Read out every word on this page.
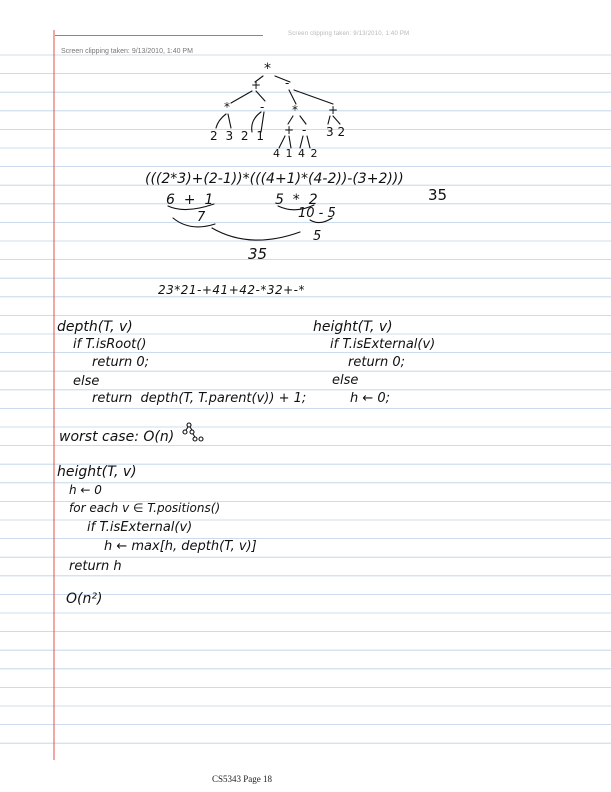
Screen clipping taken: 9/13/2010, 1:40 PM
Screen clipping taken: 9/13/2010, 1:40 PM
*
+ -
*	- *	+
2 3 2 1 + - 3 2
4 1 4 2
(((2*3)+(2-1))*(((4+1)*(4-2))-(3+2)))
35
6  +  1	5  *  2
7	10 - 5
5
35
23*21-+41+42-*32+-*
depth(T, v)
if T.isRoot()
return 0;
else
return  depth(T, T.parent(v)) + 1;
height(T, v)
if T.isExternal(v)
return 0;
else
h ← 0;
worst case: O(n)
height(T, v)
h ← 0
for each v ∈ T.positions()
if T.isExternal(v)
h ← max[h, depth(T, v)]
return h
O(n²)
CS5343 Page 18
